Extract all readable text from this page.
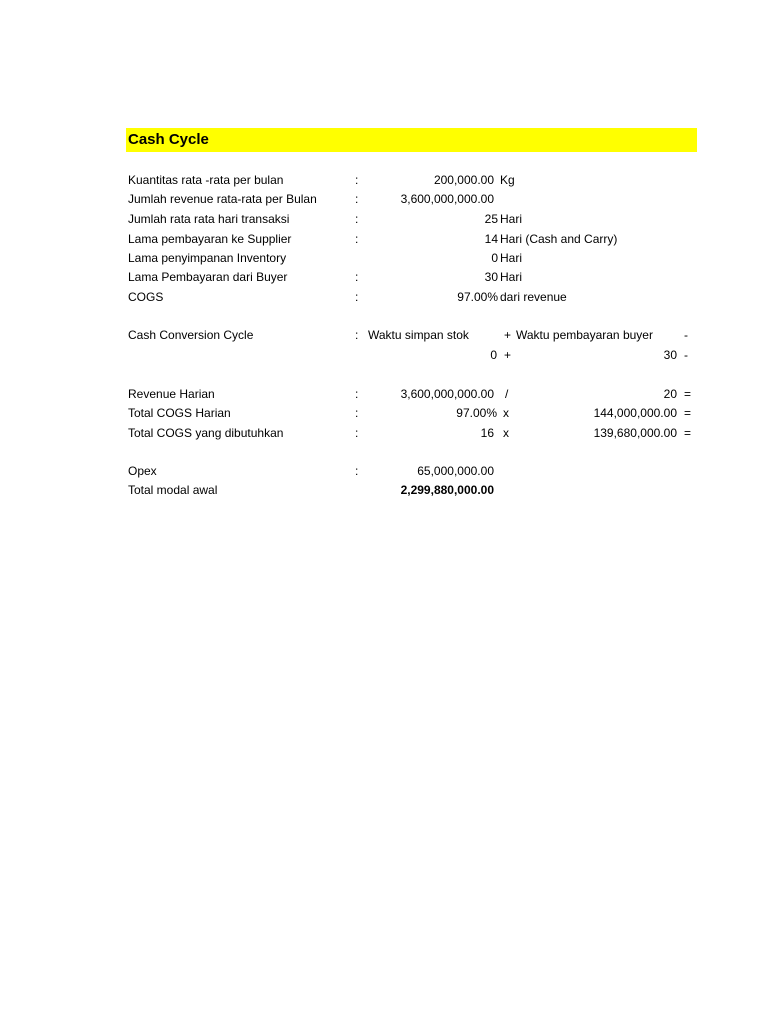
Cash Cycle
Kuantitas rata -rata per bulan	:	200,000.00 Kg
Jumlah revenue rata-rata per Bulan	:	3,600,000,000.00
Jumlah rata rata hari transaksi	:	25 Hari
Lama pembayaran ke Supplier	:	14 Hari (Cash and Carry)
Lama penyimpanan Inventory	0 Hari
Lama Pembayaran dari Buyer	:	30 Hari
COGS	:	97.00% dari revenue
Cash Conversion Cycle	: Waktu simpan stok	+ Waktu pembayaran buyer	-
0 +	30 -
Revenue Harian	:	3,600,000,000.00 /	20 =
Total COGS Harian	:	97.00% x	144,000,000.00 =
Total COGS yang dibutuhkan	:	16 x	139,680,000.00 =
Opex	:	65,000,000.00
Total modal awal	2,299,880,000.00
